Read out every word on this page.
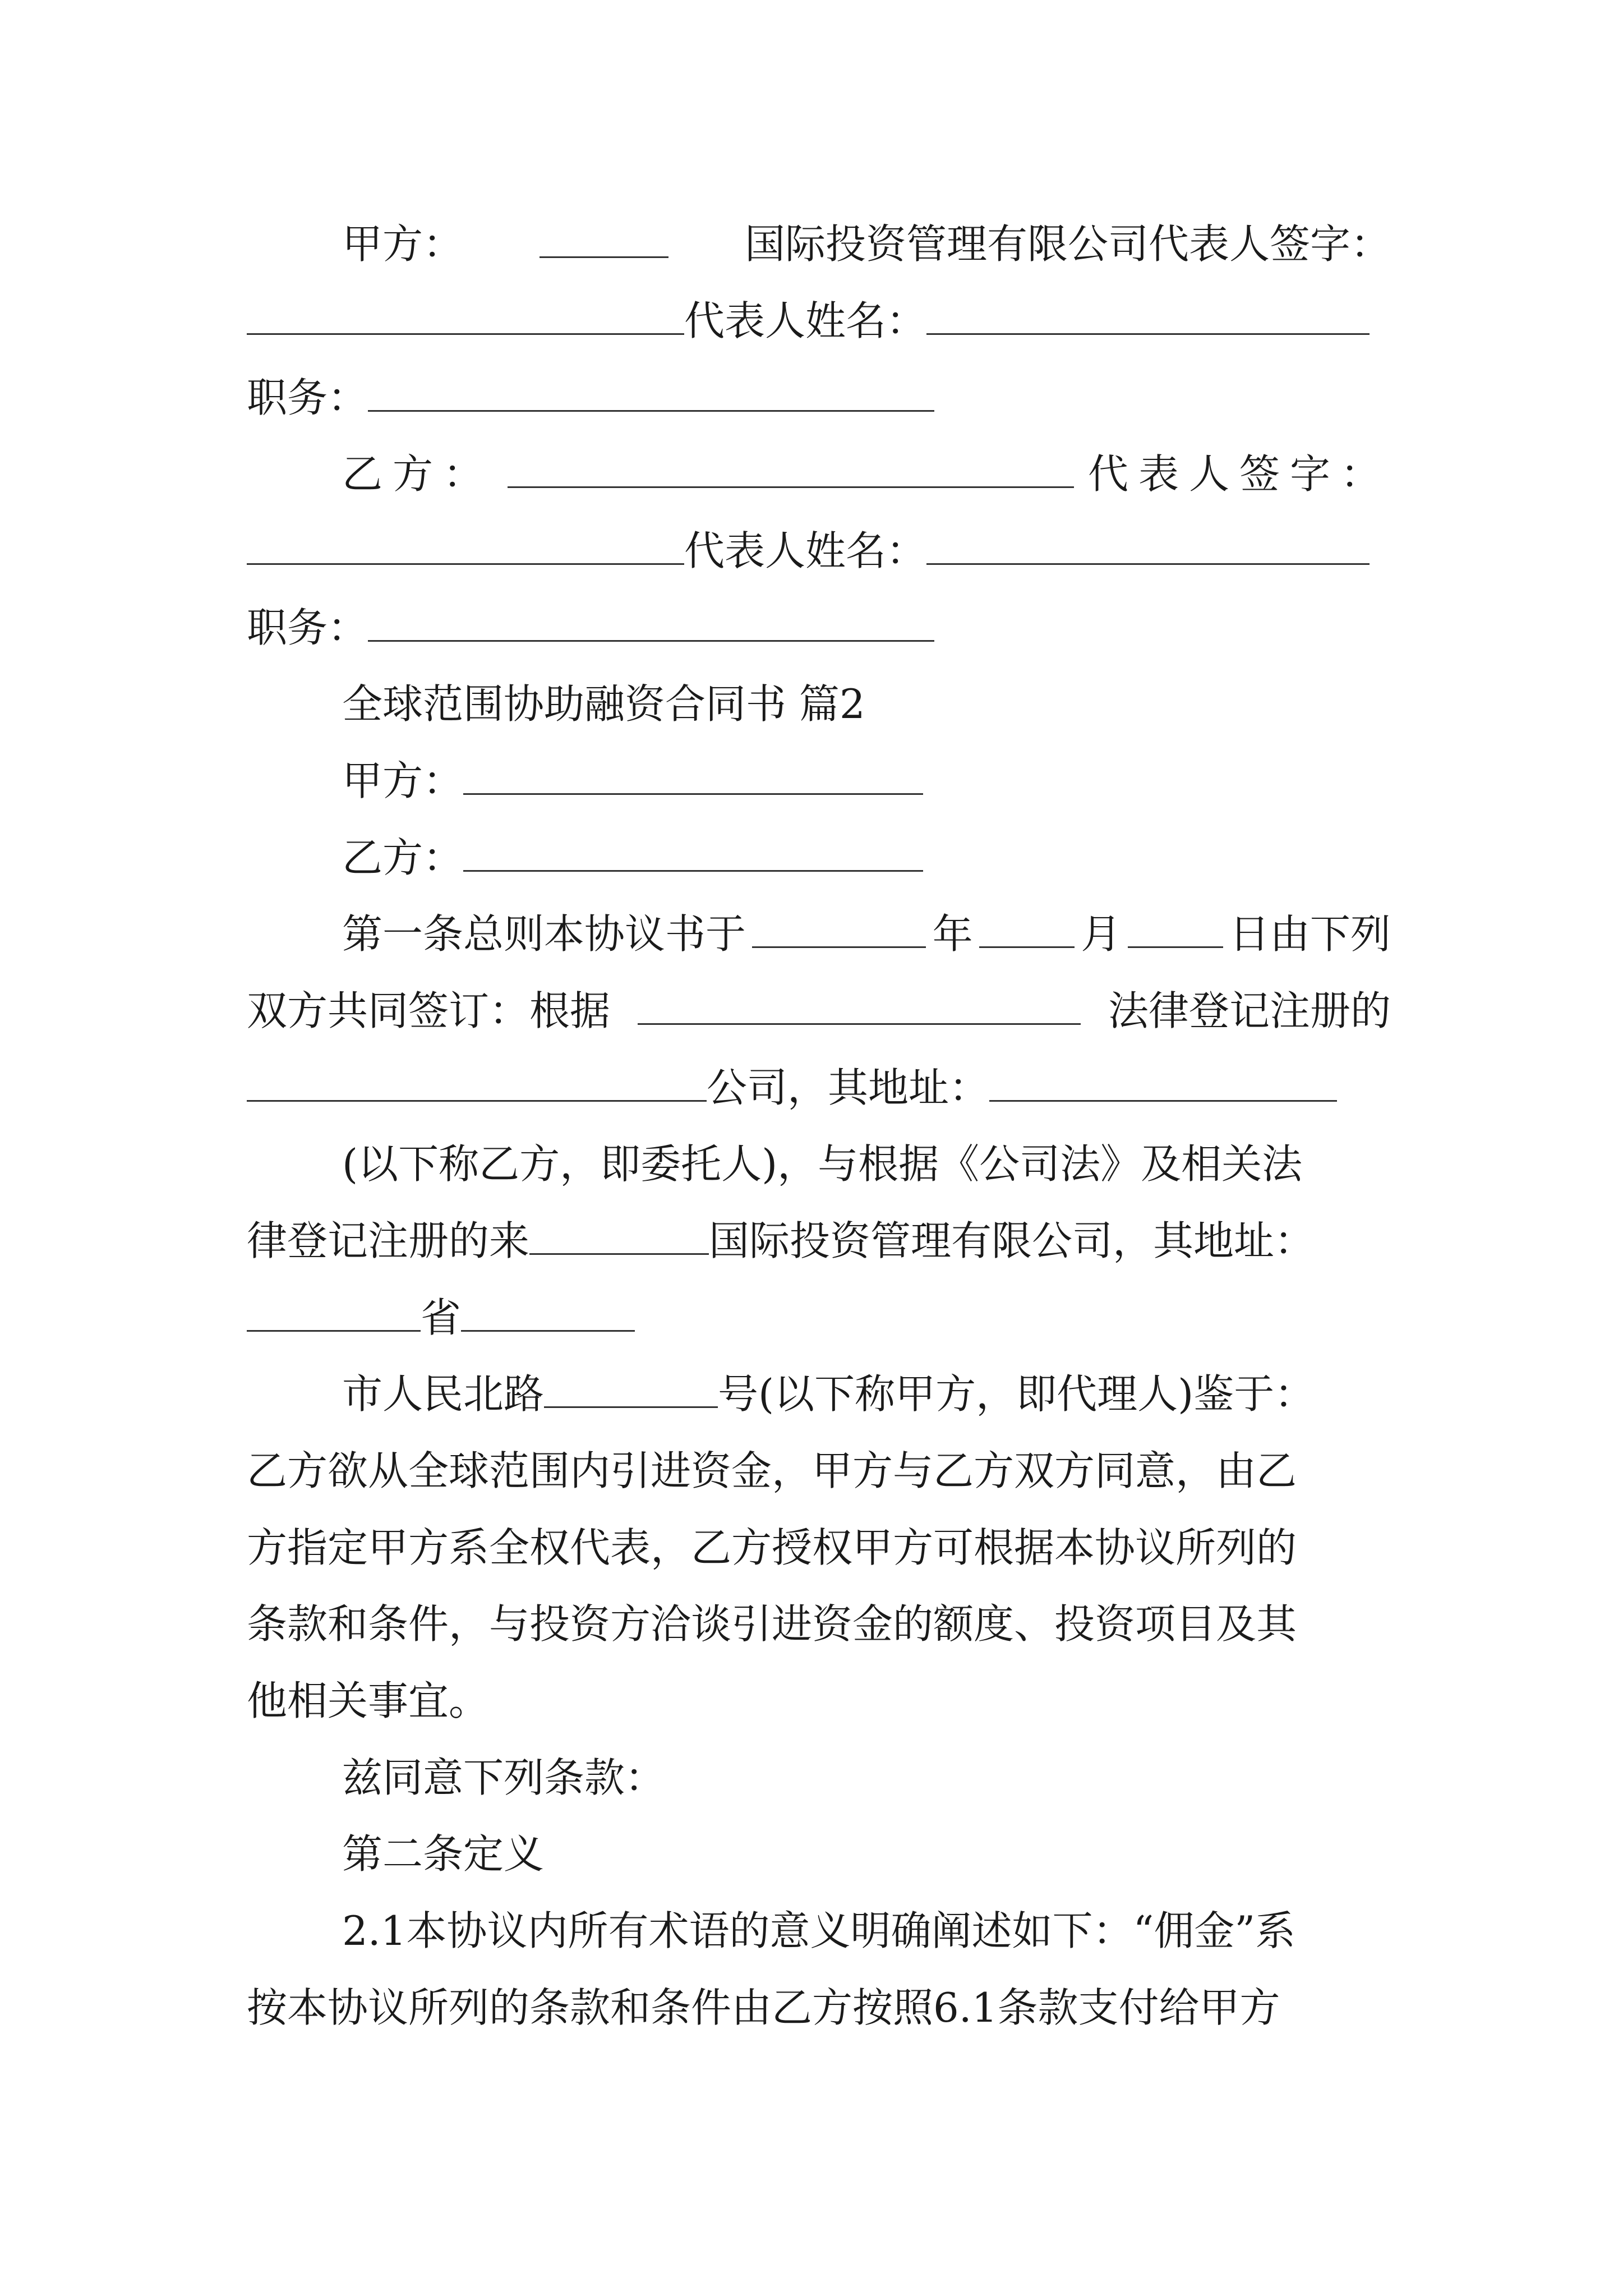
甲方：	国际投资管理有限公司代表人签字：
代表人姓名：
职务：
乙方：	代表人签字：
代表人姓名：
职务：
全球范围协助融资合同书 篇2
甲方：
乙方：
第一条总则本协议书于	年	月	日由下列
双方共同签订：根据	法律登记注册的
公司，其地址：
(以下称乙方，即委托人)，与根据《公司法》及相关法
律登记注册的来	国际投资管理有限公司，其地址：
省
市人民北路	号(以下称甲方，即代理人)鉴于：
乙方欲从全球范围内引进资金，甲方与乙方双方同意，由乙
方指定甲方系全权代表，乙方授权甲方可根据本协议所列的
条款和条件，与投资方洽谈引进资金的额度、投资项目及其
他相关事宜。
兹同意下列条款：
第二条定义
2.1本协议内所有术语的意义明确阐述如下：“佣金”系
按本协议所列的条款和条件由乙方按照6.1条款支付给甲方
